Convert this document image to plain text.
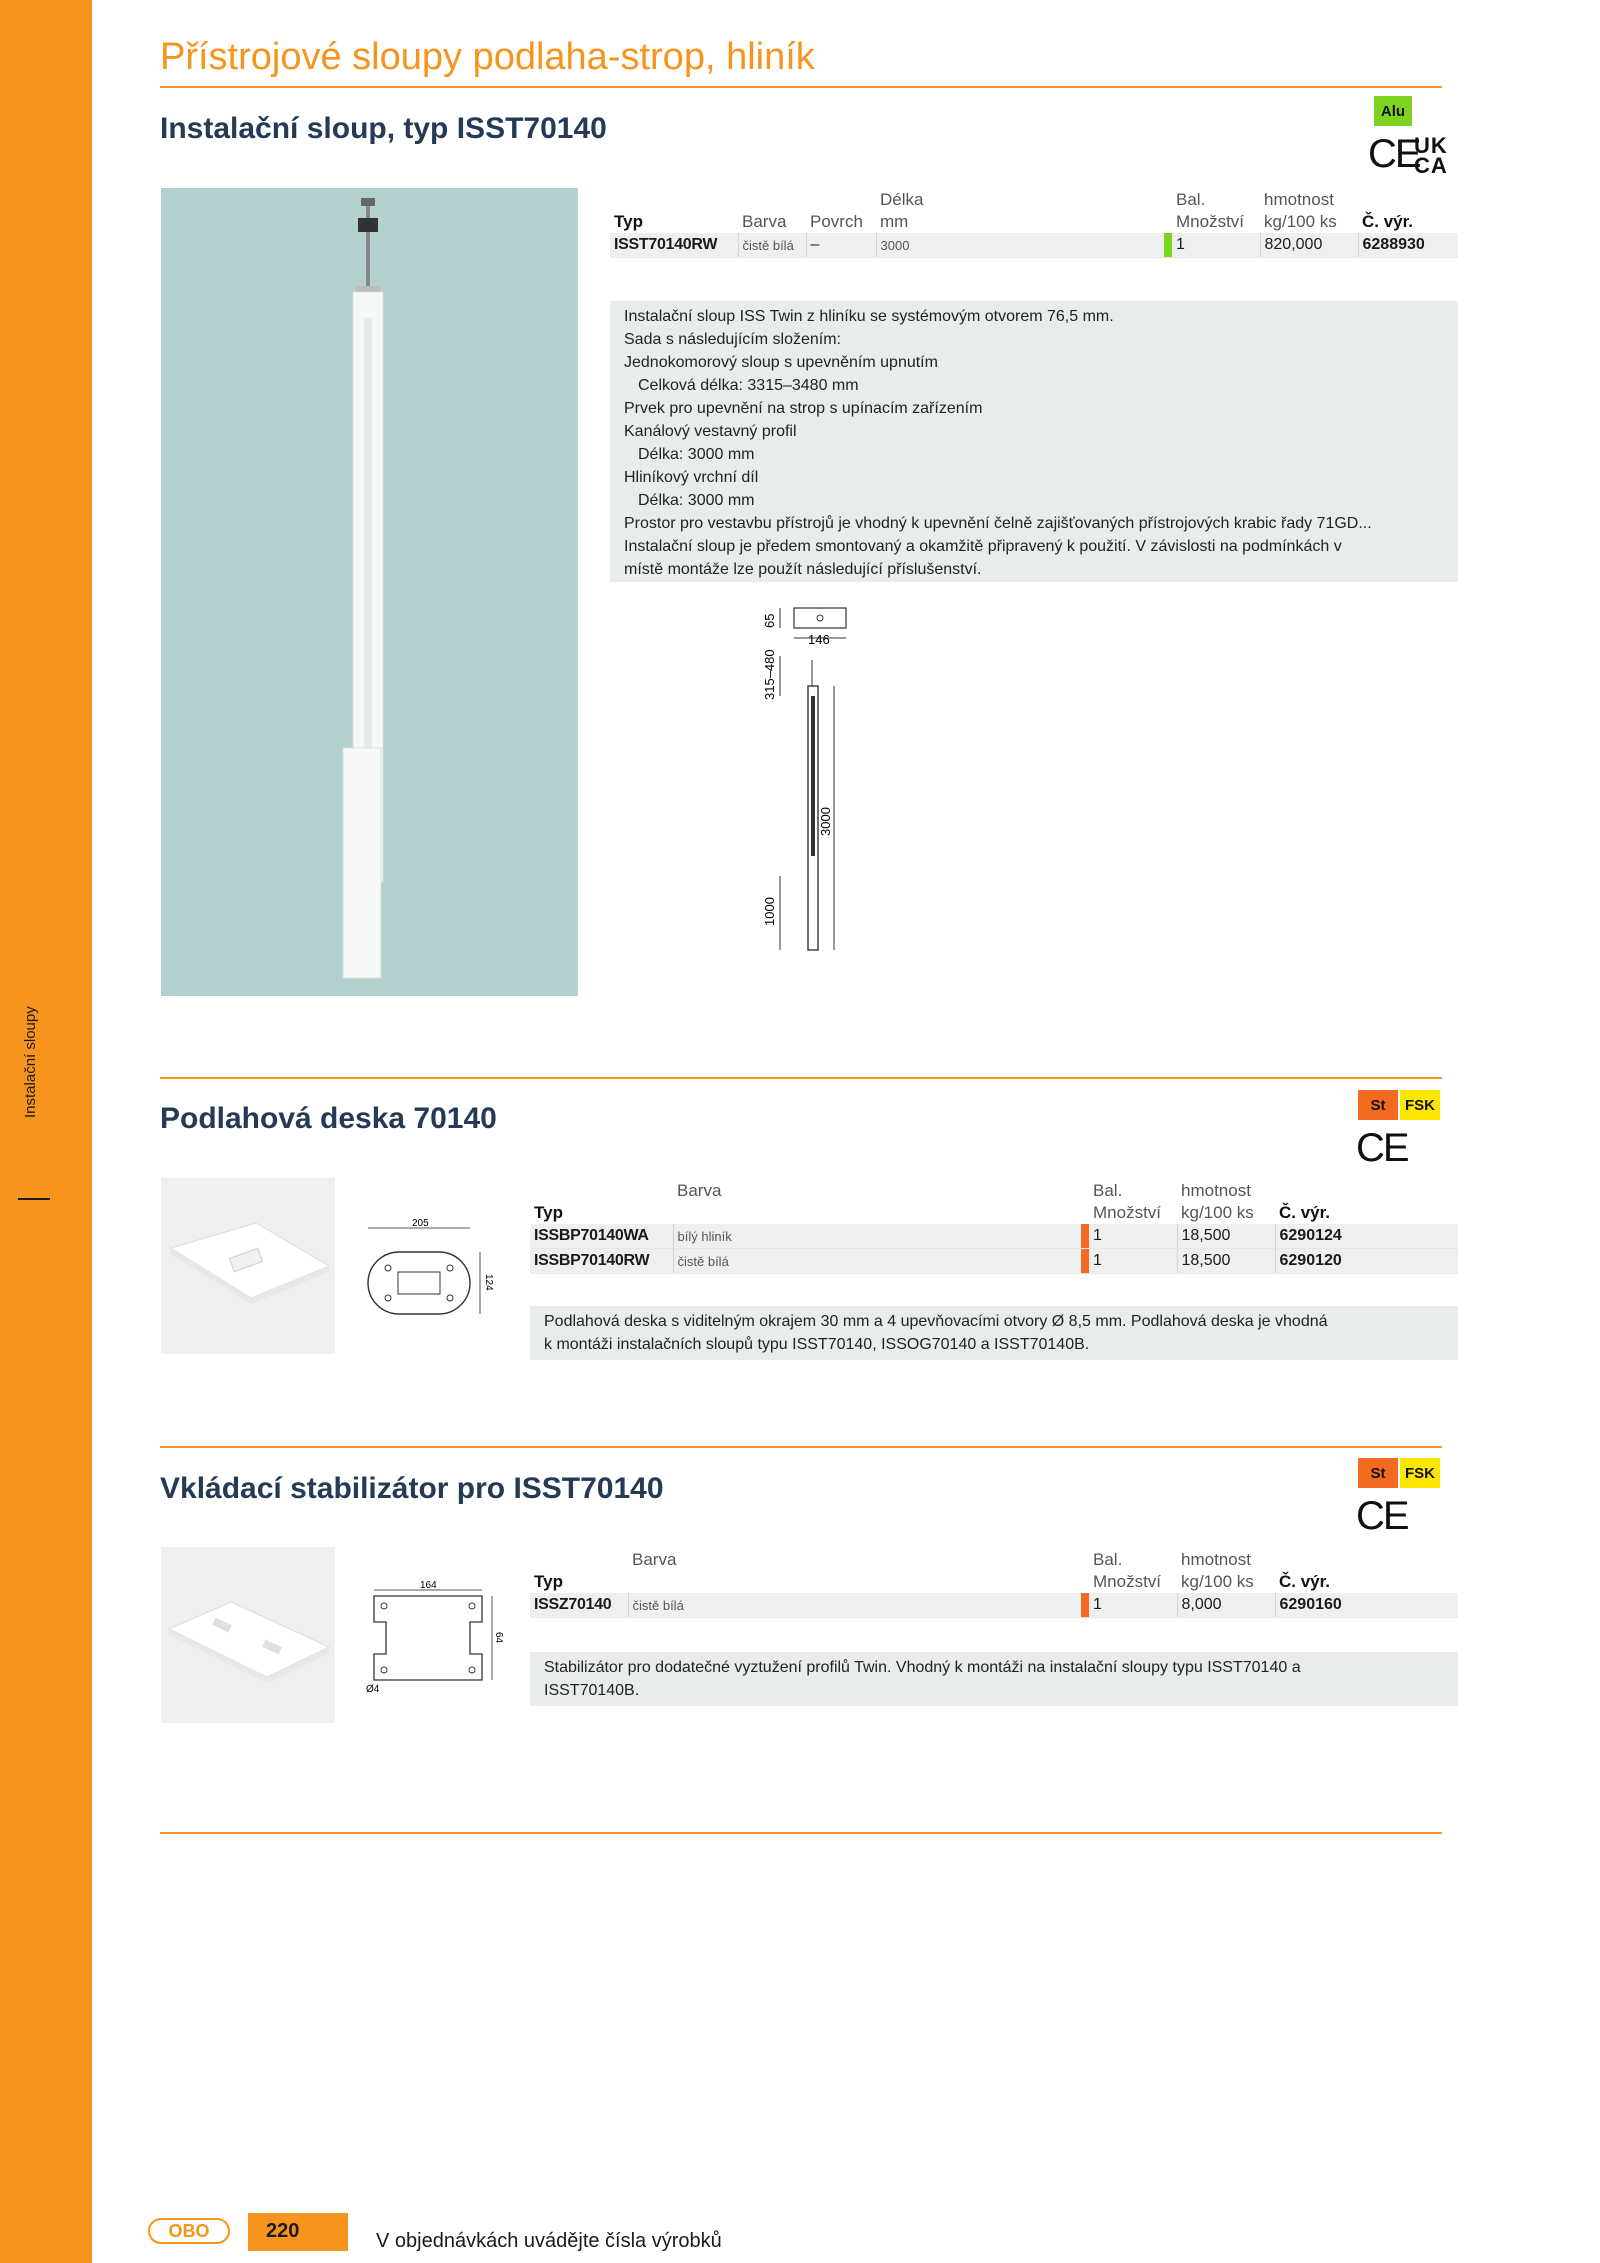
Instalační sloupy
Přístrojové sloupy podlaha-strop, hliník
Instalační sloup, typ ISST70140
Alu
CE
UK
CA

Typ	Barva	Povrch	Délka
mm		Bal.
Množství	hmotnost
kg/100 ks	Č. výr.
ISST70140RW	čistě bílá	–	3000		1	820,000	6288930
Instalační sloup ISS Twin z hliníku se systémovým otvorem 76,5 mm.
Sada s následujícím složením:
Jednokomorový sloup s upevněním upnutím
Celková délka: 3315–3480 mm
Prvek pro upevnění na strop s upínacím zařízením
Kanálový vestavný profil
Délka: 3000 mm
Hliníkový vrchní díl
Délka: 3000 mm
Prostor pro vestavbu přístrojů je vhodný k upevnění čelně zajišťovaných přístrojových krabic řady 71GD...
Instalační sloup je předem smontovaný a okamžitě připravený k použití. V závislosti na podmínkách v
místě montáže lze použít následující příslušenství.
65
146
315–480
3000
1000
Podlahová deska 70140	St	FSK
CE
205
124

Typ	Barva		Bal.
Množství	hmotnost
kg/100 ks	Č. výr.
ISSBP70140WA	bílý hliník		1	18,500	6290124
ISSBP70140RW	čistě bílá		1	18,500	6290120
Podlahová deska s viditelným okrajem 30 mm a 4 upevňovacími otvory Ø 8,5 mm. Podlahová deska je vhodná
k montáži instalačních sloupů typu ISST70140, ISSOG70140 a ISST70140B.
Vkládací stabilizátor pro ISST70140	St	FSK
CE
164
64
Ø4

Typ	Barva		Bal.
Množství	hmotnost
kg/100 ks	Č. výr.
ISSZ70140	čistě bílá		1	8,000	6290160
Stabilizátor pro dodatečné vyztužení profilů Twin. Vhodný k montáži na instalační sloupy typu ISST70140 a
ISST70140B.
OBO	220	V objednávkách uvádějte čísla výrobků
